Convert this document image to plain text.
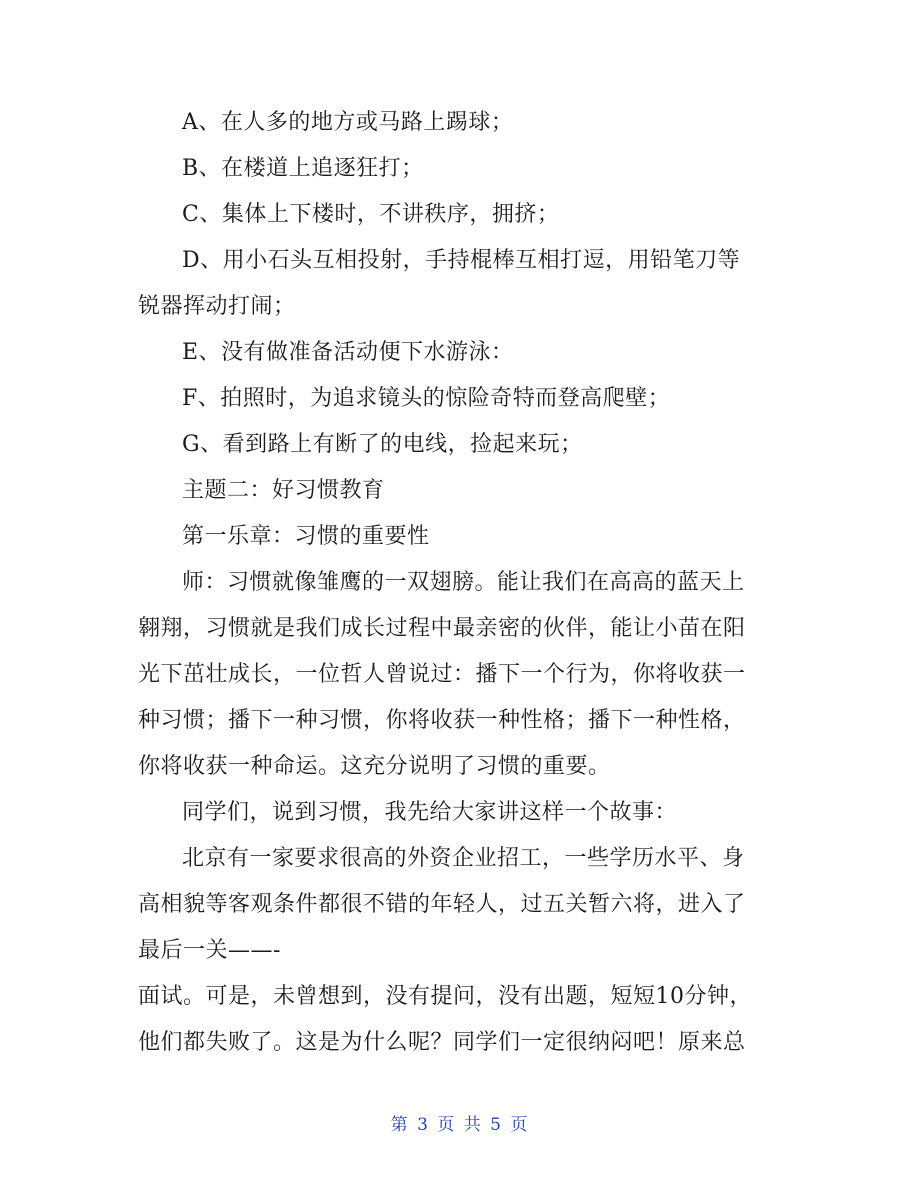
A、在人多的地方或马路上踢球；
B、在楼道上追逐狂打；
C、集体上下楼时，不讲秩序，拥挤；
D、用小石头互相投射，手持棍棒互相打逗，用铅笔刀等
锐器挥动打闹；
E、没有做准备活动便下水游泳：
F、拍照时，为追求镜头的惊险奇特而登高爬壁；
G、看到路上有断了的电线，捡起来玩；
主题二：好习惯教育
第一乐章：习惯的重要性
师：习惯就像雏鹰的一双翅膀。能让我们在高高的蓝天上
翱翔，习惯就是我们成长过程中最亲密的伙伴，能让小苗在阳
光下茁壮成长，一位哲人曾说过：播下一个行为，你将收获一
种习惯；播下一种习惯，你将收获一种性格；播下一种性格，
你将收获一种命运。这充分说明了习惯的重要。
同学们，说到习惯，我先给大家讲这样一个故事：
北京有一家要求很高的外资企业招工，一些学历水平、身
高相貌等客观条件都很不错的年轻人，过五关暂六将，进入了
最后一关——-
面试。可是，未曾想到，没有提问，没有出题，短短10分钟，
他们都失败了。这是为什么呢？同学们一定很纳闷吧！原来总
第 3 页 共 5 页
